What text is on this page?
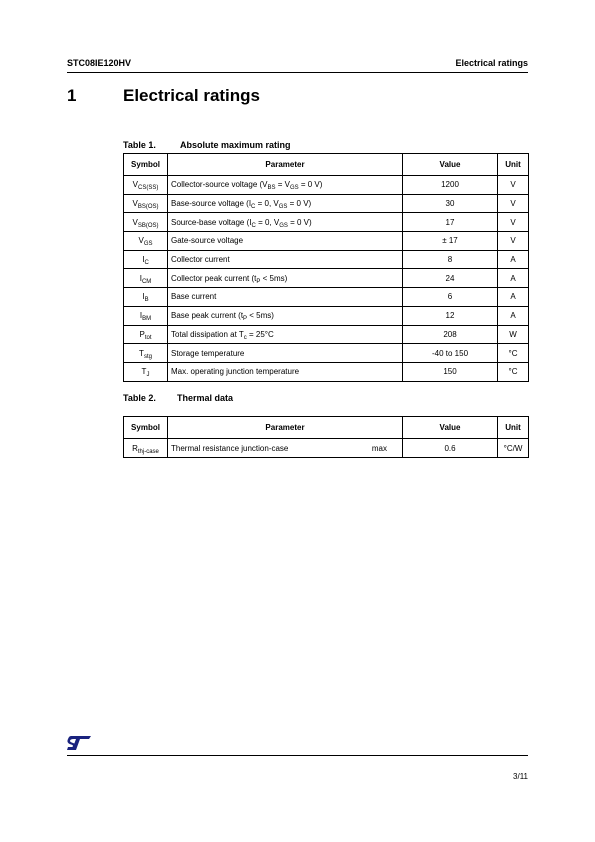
STC08IE120HV	Electrical ratings
1	Electrical ratings
Table 1.	Absolute maximum rating
Symbol	Parameter	Value	Unit
$V_{CS(SS)}$	Collector-source voltage ($V_{BS} = V_{GS} = 0$ V)	1200	V
$V_{BS(OS)}$	Base-source voltage ($I_C = 0$, $V_{GS} = 0$ V)	30	V
$V_{SB(OS)}$	Source-base voltage ($I_C = 0$, $V_{GS} = 0$ V)	17	V
$V_{GS}$	Gate-source voltage	± 17	V
$I_C$	Collector current	8	A
$I_{CM}$	Collector peak current $(t_P < 5ms)$	24	A
$I_B$	Base current	6	A
$I_{BM}$	Base peak current $(t_P < 5ms)$	12	A
$P_{tot}$	Total dissipation at $T_c = 25^\circ C$	208	W
$T_{stg}$	Storage temperature	-40 to 150	°C
$T_J$	Max. operating junction temperature	150	°C
Table 2. Thermal data
Symbol	Parameter	Value	Unit
$R_{thj-case}$	Thermal resistance junction-case max	0.6	°C/W
3/11
